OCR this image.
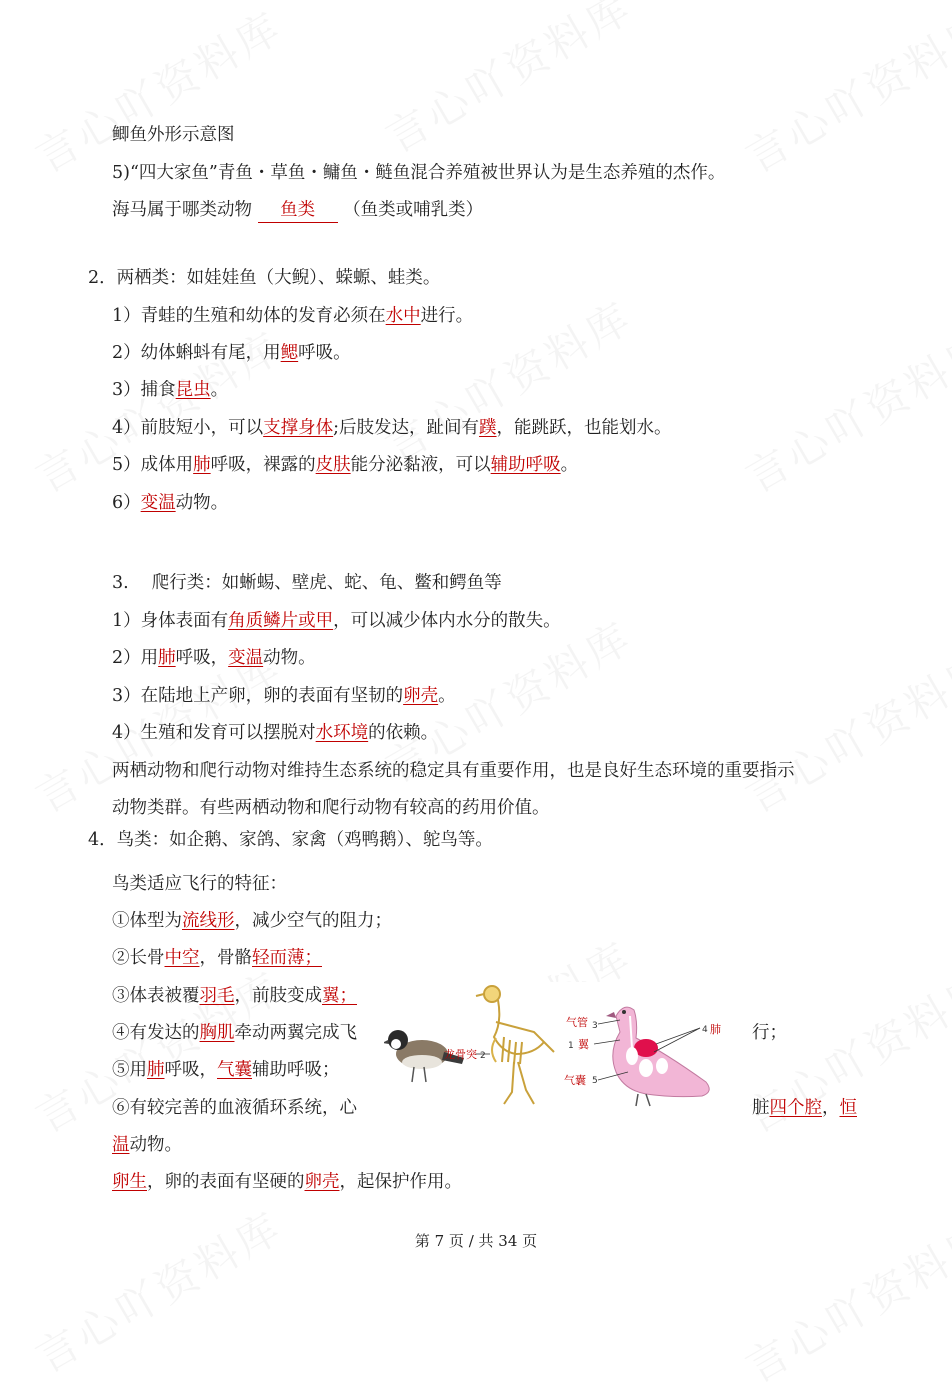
鲫鱼外形示意图
5)“四大家鱼”青鱼・草鱼・鳙鱼・鲢鱼混合养殖被世界认为是生态养殖的杰作。
海马属于哪类动物 鱼类 （鱼类或哺乳类）
2．两栖类：如娃娃鱼（大鲵）、蝾螈、蛙类。
1）青蛙的生殖和幼体的发育必须在水中进行。
2）幼体蝌蚪有尾，用鳃呼吸。
3）捕食昆虫。
4）前肢短小，可以支撑身体;后肢发达，趾间有蹼，能跳跃，也能划水。
5）成体用肺呼吸，裸露的皮肤能分泌黏液，可以辅助呼吸。
6）变温动物。
3.　 爬行类：如蜥蜴、壁虎、蛇、龟、鳖和鳄鱼等
1）身体表面有角质鳞片或甲，可以减少体内水分的散失。
2）用肺呼吸，变温动物。
3）在陆地上产卵，卵的表面有坚韧的卵壳。
4）生殖和发育可以摆脱对水环境的依赖。
两栖动物和爬行动物对维持生态系统的稳定具有重要作用，也是良好生态环境的重要指示
动物类群。有些两栖动物和爬行动物有较高的药用价值。
4．鸟类：如企鹅、家鸽、家禽（鸡鸭鹅）、鸵鸟等。
鸟类适应飞行的特征：
①体型为流线形，减少空气的阻力；
②长骨中空，骨骼轻而薄；
③体表被覆羽毛，前肢变成翼；
④有发达的胸肌牵动两翼完成飞	行；
⑤用肺呼吸，气囊辅助呼吸；
⑥有较完善的血液循环系统，心	脏四个腔，恒
温动物。
卵生，卵的表面有坚硬的卵壳，起保护作用。
龙骨突 2
气管 3
1 翼
气囊 5
4 肺
第 7 页 / 共 34 页
